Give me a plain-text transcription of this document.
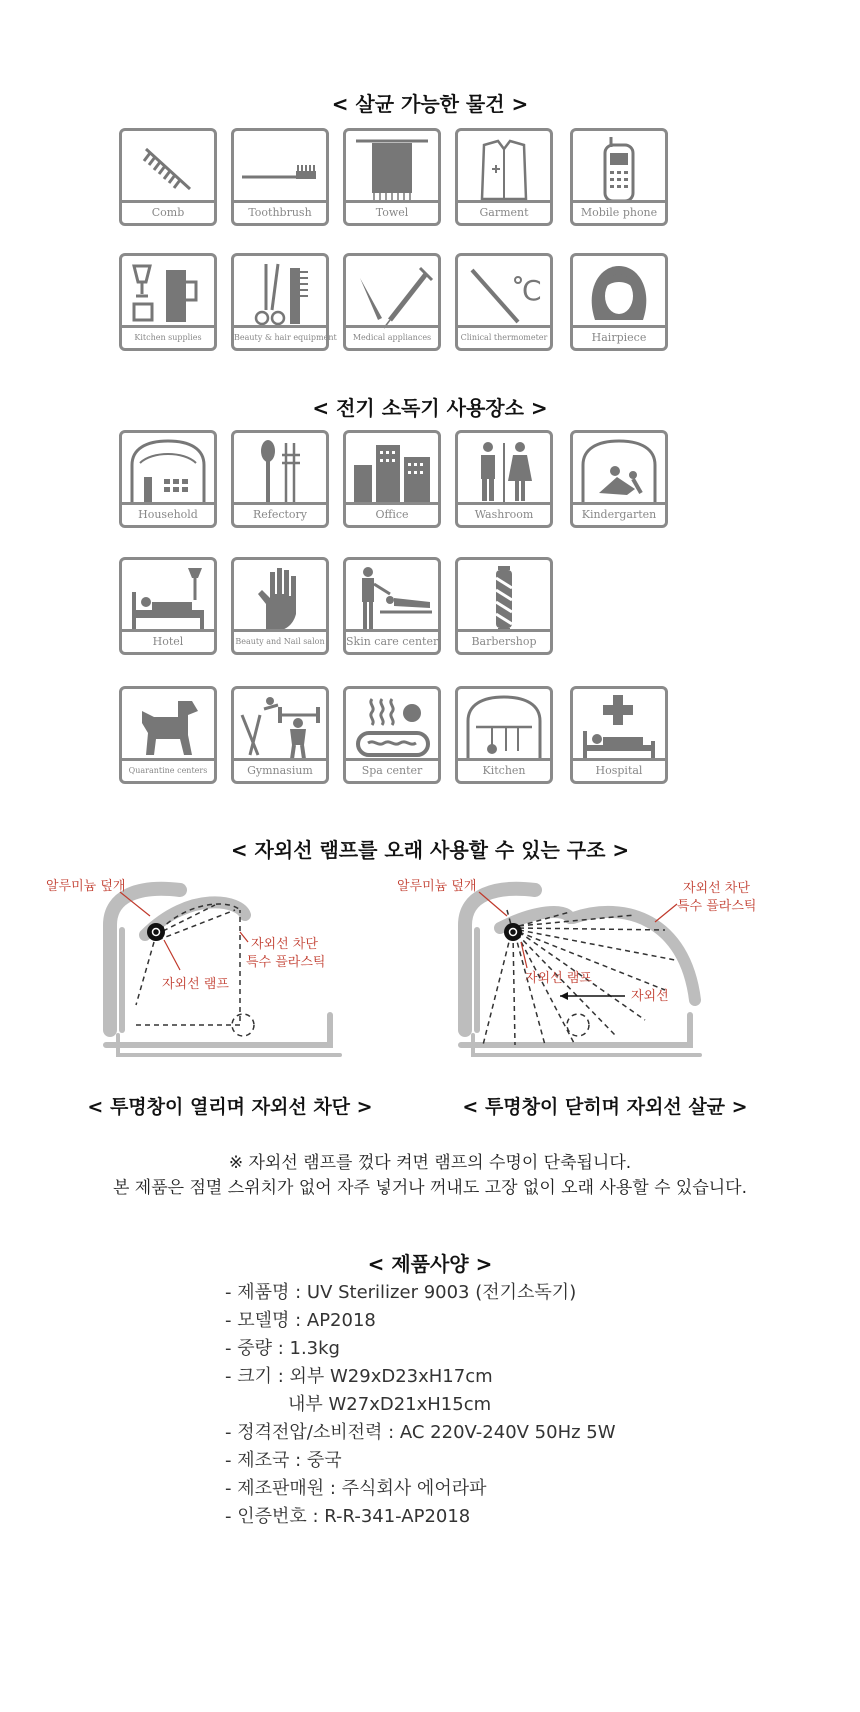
< 살균 가능한 물건 >
Comb	Toothbrush	Towel	Garment	Mobile phone
Kitchen supplies	Beauty & hair equipment	Medical appliances
C
Clinical thermometer	Hairpiece
< 전기 소독기 사용장소 >
Household	Refectory	Office	Washroom	Kindergarten
Hotel	Beauty and Nail salon Skin care center	Barbershop
Quarantine centers	Gymnasium	Spa center	Kitchen	Hospital
< 자외선 램프를 오래 사용할 수 있는 구조 >
알루미늄 덮개
자외선 차단
특수 플라스틱
자외선 램프
< 투명창이 열리며 자외선 차단 >
알루미늄 덮개	자외선 차단
특수 플라스틱
자외선 램프
자외선
< 투명창이 닫히며 자외선 살균 >
※ 자외선 램프를 껐다 켜면 램프의 수명이 단축됩니다.
본 제품은 점멸 스위치가 없어 자주 넣거나 꺼내도 고장 없이 오래 사용할 수 있습니다.
< 제품사양 >
- 제품명 : UV Sterilizer 9003 (전기소독기)
- 모델명 : AP2018
- 중량 : 1.3kg
- 크기 : 외부 W29xD23xH17cm
내부 W27xD21xH15cm
- 정격전압/소비전력 : AC 220V-240V 50Hz 5W
- 제조국 : 중국
- 제조판매원 : 주식회사 에어라파
- 인증번호 : R-R-341-AP2018
